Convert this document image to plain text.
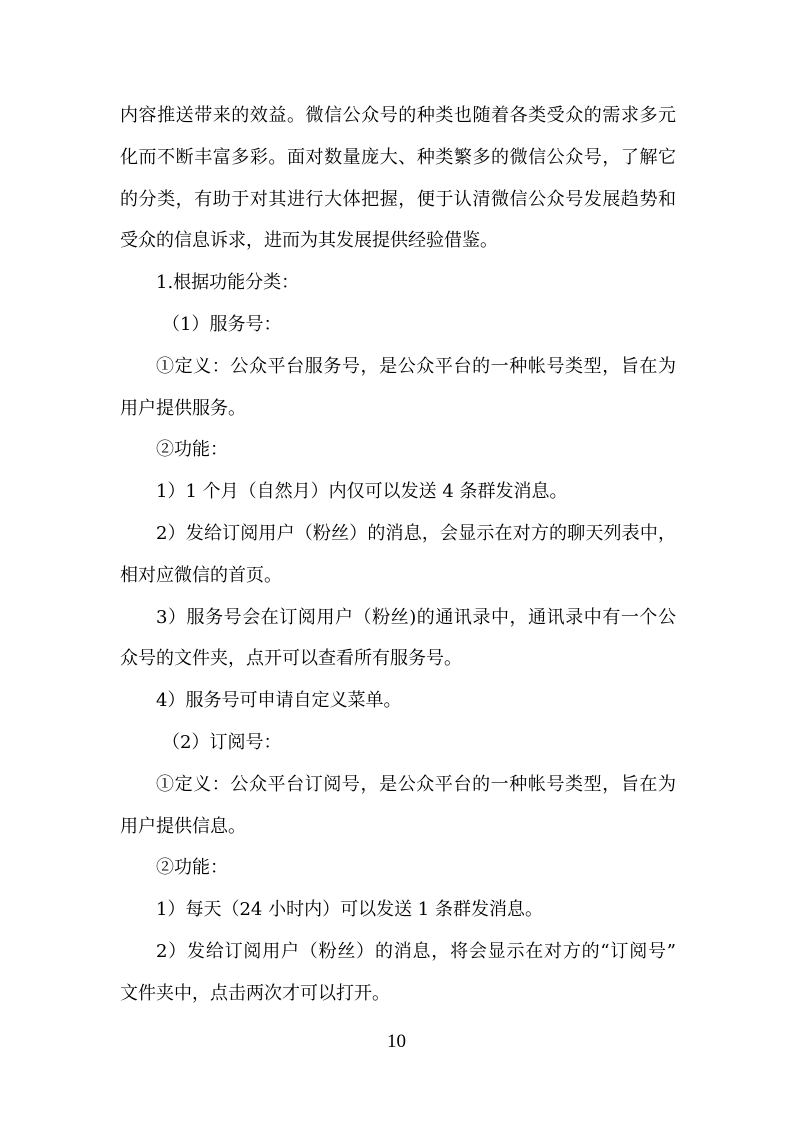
内容推送带来的效益。微信公众号的种类也随着各类受众的需求多元
化而不断丰富多彩。面对数量庞大、种类繁多的微信公众号，了解它
的分类，有助于对其进行大体把握，便于认清微信公众号发展趋势和
受众的信息诉求，进而为其发展提供经验借鉴。
1.根据功能分类：
（1）服务号：
①定义：公众平台服务号，是公众平台的一种帐号类型，旨在为
用户提供服务。
②功能：
1）1 个月（自然月）内仅可以发送 4 条群发消息。
2）发给订阅用户（粉丝）的消息，会显示在对方的聊天列表中，
相对应微信的首页。
3）服务号会在订阅用户（粉丝)的通讯录中，通讯录中有一个公
众号的文件夹，点开可以查看所有服务号。
4）服务号可申请自定义菜单。
（2）订阅号：
①定义：公众平台订阅号，是公众平台的一种帐号类型，旨在为
用户提供信息。
②功能：
1）每天（24 小时内）可以发送 1 条群发消息。
2）发给订阅用户（粉丝）的消息，将会显示在对方的“订阅号”
文件夹中，点击两次才可以打开。
10
